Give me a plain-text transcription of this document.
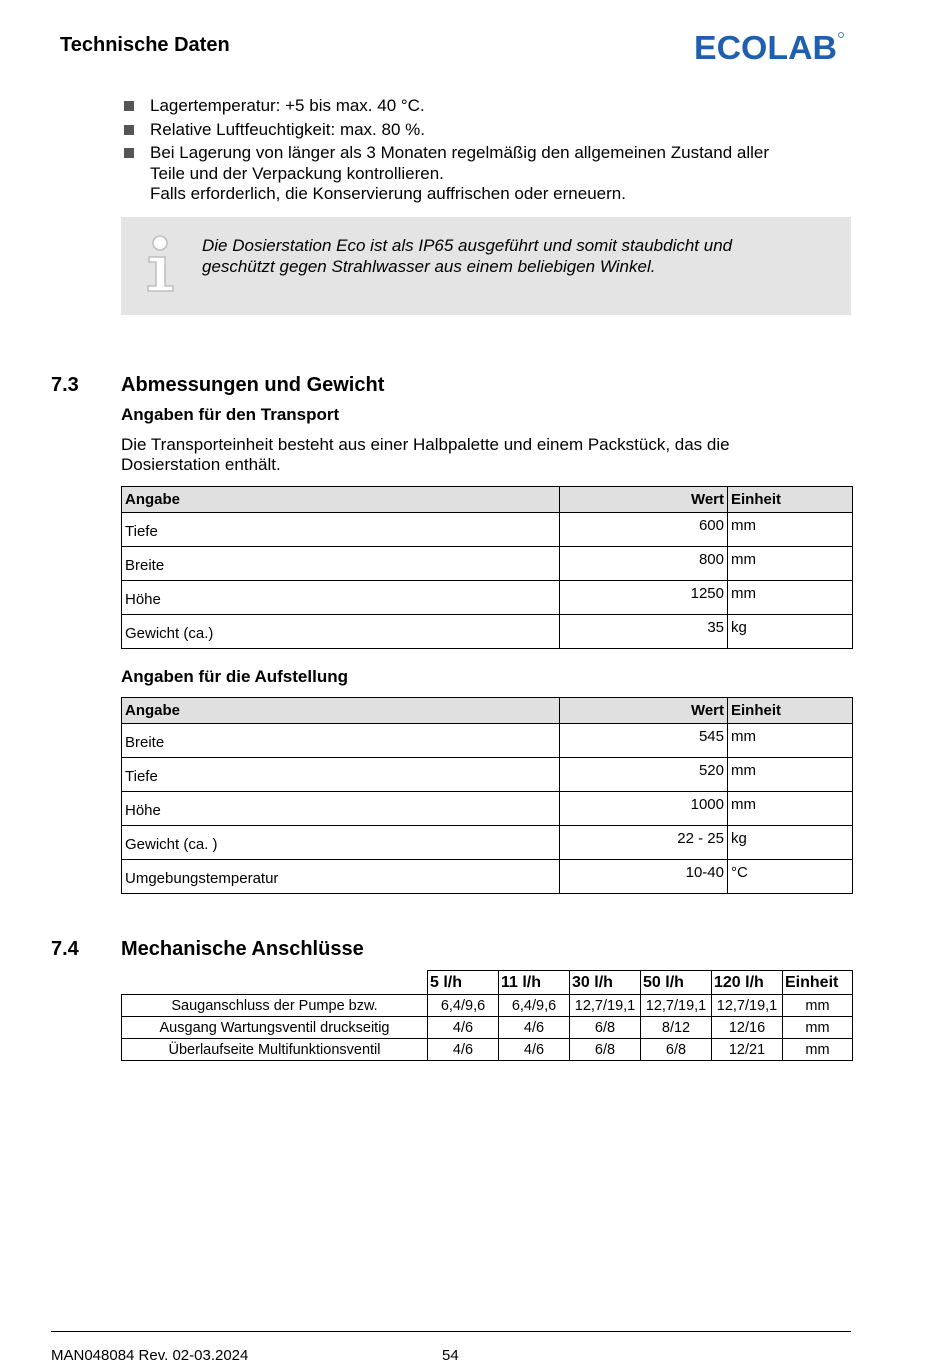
Technische Daten	ECOLAB
Lagertemperatur: +5 bis max. 40 °C.
Relative Luftfeuchtigkeit: max. 80 %.
Bei Lagerung von länger als 3 Monaten regelmäßig den allgemeinen Zustand aller
Teile und der Verpackung kontrollieren.
Falls erforderlich, die Konservierung auffrischen oder erneuern.
Die Dosierstation Eco ist als IP65 ausgeführt und somit staubdicht und
geschützt gegen Strahlwasser aus einem beliebigen Winkel.
7.3 Abmessungen und Gewicht
Angaben für den Transport
Die Transporteinheit besteht aus einer Halbpalette und einem Packstück, das die
Dosierstation enthält.
Angabe	Wert	Einheit
Tiefe	600	mm
Breite	800	mm
Höhe	1250	mm
Gewicht (ca.)	35	kg
Angaben für die Aufstellung
Angabe	Wert	Einheit
Breite	545	mm
Tiefe	520	mm
Höhe	1000	mm
Gewicht (ca. )	22 - 25	kg
Umgebungstemperatur	10-40	°C
7.4 Mechanische Anschlüsse
	5 l/h	11 l/h	30 l/h	50 l/h	120 l/h	Einheit
Sauganschluss der Pumpe bzw.	6,4/9,6	6,4/9,6	12,7/19,1	12,7/19,1	12,7/19,1	mm
Ausgang Wartungsventil druckseitig	4/6	4/6	6/8	8/12	12/16	mm
Überlaufseite Multifunktionsventil	4/6	4/6	6/8	6/8	12/21	mm
MAN048084 Rev. 02-03.2024	54
